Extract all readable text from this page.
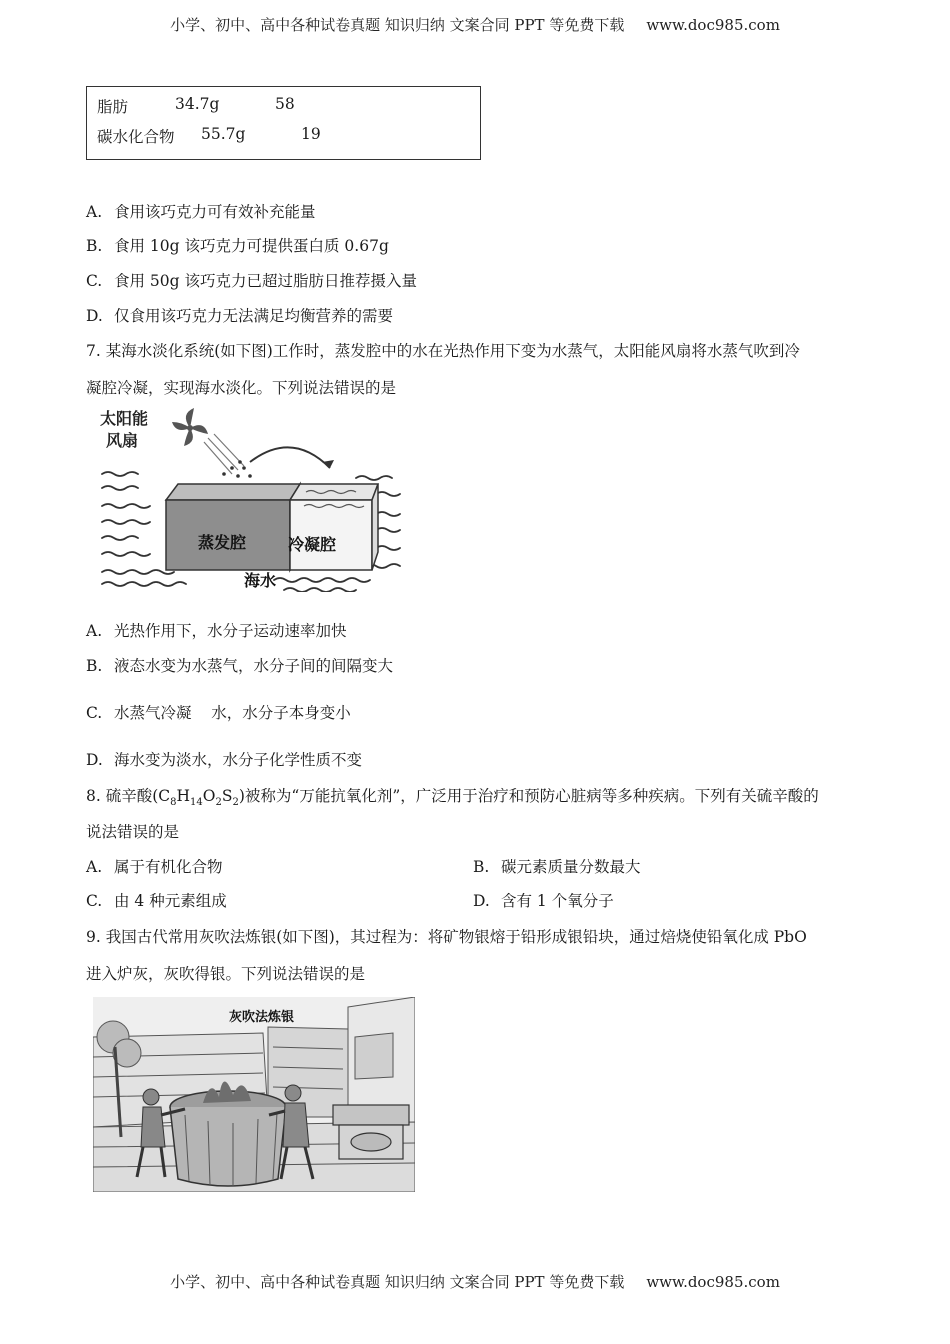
小学、初中、高中各种试卷真题 知识归纳 文案合同 PPT 等免费下载 www.doc985.com
脂肪	34.7g	58
碳水化合物 55.7g	19
A. 食用该巧克力可有效补充能量
B. 食用 10g 该巧克力可提供蛋白质 0.67g
C. 食用 50g 该巧克力已超过脂肪日推荐摄入量
D. 仅食用该巧克力无法满足均衡营养的需要
7. 某海水淡化系统(如下图)工作时，蒸发腔中的水在光热作用下变为水蒸气，太阳能风扇将水蒸气吹到冷
凝腔冷凝，实现海水淡化。下列说法错误的是
太阳能
风扇
蒸发腔	冷凝腔
海水
A. 光热作用下，水分子运动速率加快
B. 液态水变为水蒸气，水分子间的间隔变大
C. 水蒸气冷凝    水，水分子本身变小
D. 海水变为淡水，水分子化学性质不变
8. 硫辛酸$(C_8H_{14}O_2S_2)$被称为“万能抗氧化剂”，广泛用于治疗和预防心脏病等多种疾病。下列有关硫辛酸的
说法错误的是
A. 属于有机化合物	B. 碳元素质量分数最大
C. 由 4 种元素组成	D. 含有 1 个氧分子
9. 我国古代常用灰吹法炼银(如下图)，其过程为：将矿物银熔于铅形成银铅块，通过焙烧使铅氧化成 PbO
进入炉灰，灰吹得银。下列说法错误的是
灰吹法炼银
小学、初中、高中各种试卷真题 知识归纳 文案合同 PPT 等免费下载 www.doc985.com
